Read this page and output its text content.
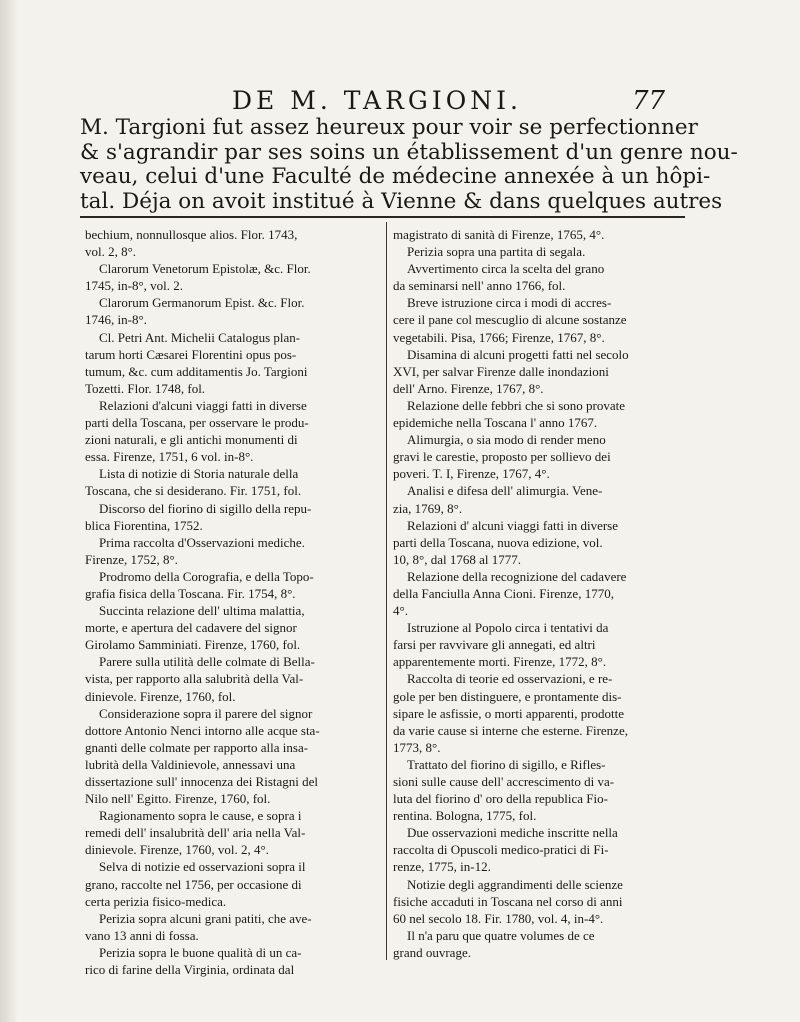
DE M. TARGIONI.	77

M. Targioni fut assez heureux pour voir se perfectionner
& s'agrandir par ses soins un établissement d'un genre nou-
veau, celui d'une Faculté de médecine annexée à un hôpi-
tal. Déja on avoit institué à Vienne & dans quelques autres

bechium, nonnullosque alios. Flor. 1743,
vol. 2, 8°.
Clarorum Venetorum Epistolæ, &c. Flor.
1745, in-8°, vol. 2.
Clarorum Germanorum Epist. &c. Flor.
1746, in-8°.
Cl. Petri Ant. Michelii Catalogus plan-
tarum horti Cæsarei Florentini opus pos-
tumum, &c. cum additamentis Jo. Targioni
Tozetti. Flor. 1748, fol.
Relazioni d'alcuni viaggi fatti in diverse
parti della Toscana, per osservare le produ-
zioni naturali, e gli antichi monumenti di
essa. Firenze, 1751, 6 vol. in-8°.
Lista di notizie di Storia naturale della
Toscana, che si desiderano. Fir. 1751, fol.
Discorso del fiorino di sigillo della repu-
blica Fiorentina, 1752.
Prima raccolta d'Osservazioni mediche.
Firenze, 1752, 8°.
Prodromo della Corografia, e della Topo-
grafia fisica della Toscana. Fir. 1754, 8°.
Succinta relazione dell' ultima malattia,
morte, e apertura del cadavere del signor
Girolamo Samminiati. Firenze, 1760, fol.
Parere sulla utilità delle colmate di Bella-
vista, per rapporto alla salubrità della Val-
dinievole. Firenze, 1760, fol.
Considerazione sopra il parere del signor
dottore Antonio Nenci intorno alle acque sta-
gnanti delle colmate per rapporto alla insa-
lubrità della Valdinievole, annessavi una
dissertazione sull' innocenza dei Ristagni del
Nilo nell' Egitto. Firenze, 1760, fol.
Ragionamento sopra le cause, e sopra i
remedi dell' insalubrità dell' aria nella Val-
dinievole. Firenze, 1760, vol. 2, 4°.
Selva di notizie ed osservazioni sopra il
grano, raccolte nel 1756, per occasione di
certa perizia fisico-medica.
Perizia sopra alcuni grani patiti, che ave-
vano 13 anni di fossa.
Perizia sopra le buone qualità di un ca-
rico di farine della Virginia, ordinata dal
magistrato di sanità di Firenze, 1765, 4°.
Perizia sopra una partita di segala.
Avvertimento circa la scelta del grano
da seminarsi nell' anno 1766, fol.
Breve istruzione circa i modi di accres-
cere il pane col mescuglio di alcune sostanze
vegetabili. Pisa, 1766; Firenze, 1767, 8°.
Disamina di alcuni progetti fatti nel secolo
XVI, per salvar Firenze dalle inondazioni
dell' Arno. Firenze, 1767, 8°.
Relazione delle febbri che si sono provate
epidemiche nella Toscana l' anno 1767.
Alimurgia, o sia modo di render meno
gravi le carestie, proposto per sollievo dei
poveri. T. I, Firenze, 1767, 4°.
Analisi e difesa dell' alimurgia. Vene-
zia, 1769, 8°.
Relazioni d' alcuni viaggi fatti in diverse
parti della Toscana, nuova edizione, vol.
10, 8°, dal 1768 al 1777.
Relazione della recognizione del cadavere
della Fanciulla Anna Cioni. Firenze, 1770,
4°.
Istruzione al Popolo circa i tentativi da
farsi per ravvivare gli annegati, ed altri
apparentemente morti. Firenze, 1772, 8°.
Raccolta di teorie ed osservazioni, e re-
gole per ben distinguere, e prontamente dis-
sipare le asfissie, o morti apparenti, prodotte
da varie cause si interne che esterne. Firenze,
1773, 8°.
Trattato del fiorino di sigillo, e Rifles-
sioni sulle cause dell' accrescimento di va-
luta del fiorino d' oro della republica Fio-
rentina. Bologna, 1775, fol.
Due osservazioni mediche inscritte nella
raccolta di Opuscoli medico-pratici di Fi-
renze, 1775, in-12.
Notizie degli aggrandimenti delle scienze
fisiche accaduti in Toscana nel corso di anni
60 nel secolo 18. Fir. 1780, vol. 4, in-4°.
Il n'a paru que quatre volumes de ce
grand ouvrage.
